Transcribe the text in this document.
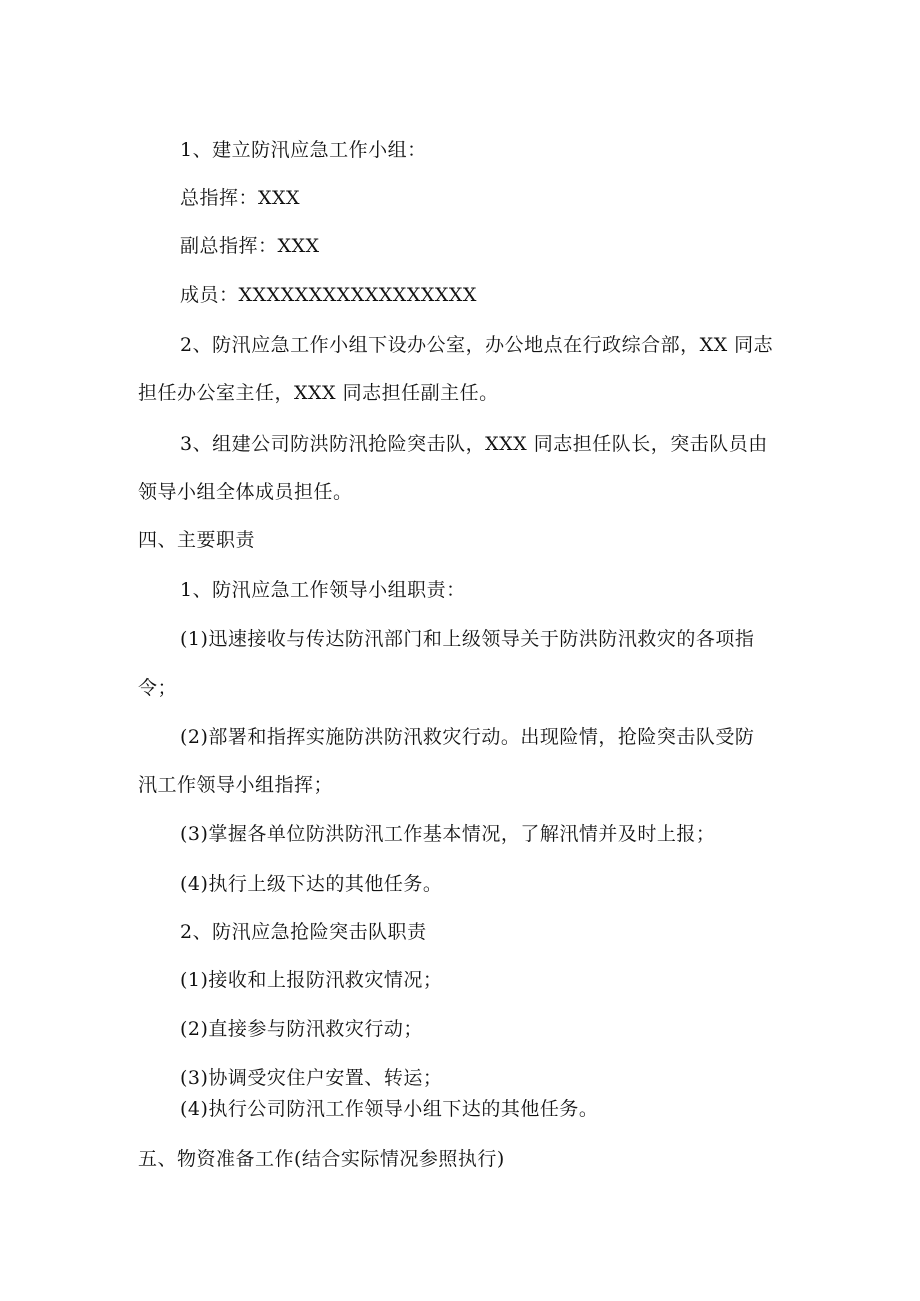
1、建立防汛应急工作小组：
总指挥：XXX
副总指挥：XXX
成员：XXXXXXXXXXXXXXXXX
2、防汛应急工作小组下设办公室，办公地点在行政综合部，XX 同志
担任办公室主任，XXX 同志担任副主任。
3、组建公司防洪防汛抢险突击队，XXX 同志担任队长，突击队员由
领导小组全体成员担任。
四、主要职责
1、防汛应急工作领导小组职责：
(1)迅速接收与传达防汛部门和上级领导关于防洪防汛救灾的各项指
令；
(2)部署和指挥实施防洪防汛救灾行动。出现险情，抢险突击队受防
汛工作领导小组指挥；
(3)掌握各单位防洪防汛工作基本情况，了解汛情并及时上报；
(4)执行上级下达的其他任务。
2、防汛应急抢险突击队职责
(1)接收和上报防汛救灾情况；
(2)直接参与防汛救灾行动；
(3)协调受灾住户安置、转运；
(4)执行公司防汛工作领导小组下达的其他任务。
五、物资准备工作(结合实际情况参照执行)
